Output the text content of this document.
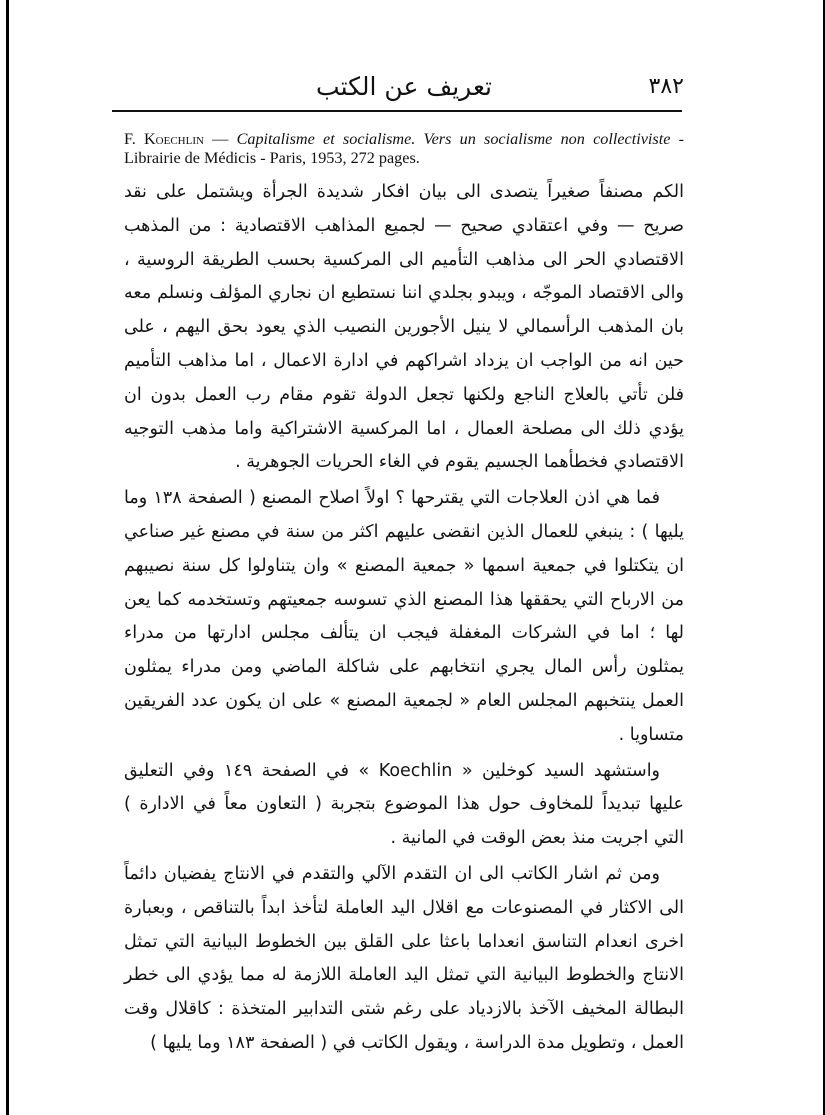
٣٨٢
تعريف عن الكتب
F. Koechlin — Capitalisme et socialisme. Vers un socialisme non collectiviste - Librairie de Médicis - Paris, 1953, 272 pages.

الكم مصنفاً صغيراً يتصدى الى بيان افكار شديدة الجرأة ويشتمل على نقد صريح — وفي اعتقادي صحيح — لجميع المذاهب الاقتصادية : من المذهب الاقتصادي الحر الى مذاهب التأميم الى المركسية بحسب الطريقة الروسية ، والى الاقتصاد الموجّه ، ويبدو بجلدي اننا نستطيع ان نجاري المؤلف ونسلم معه بان المذهب الرأسمالي لا ينيل الأجورين النصيب الذي يعود بحق اليهم ، على حين انه من الواجب ان يزداد اشراكهم في ادارة الاعمال ، اما مذاهب التأميم فلن تأتي بالعلاج الناجع ولكنها تجعل الدولة تقوم مقام رب العمل بدون ان يؤدي ذلك الى مصلحة العمال ، اما المركسية الاشتراكية واما مذهب التوجيه الاقتصادي فخطأهما الجسيم يقوم في الغاء الحريات الجوهرية .

فما هي اذن العلاجات التي يقترحها ؟ اولاً اصلاح المصنع ( الصفحة ١٣٨ وما يليها ) : ينبغي للعمال الذين انقضى عليهم اكثر من سنة في مصنع غير صناعي ان يتكتلوا في جمعية اسمها « جمعية المصنع » وان يتناولوا كل سنة نصيبهم من الارباح التي يحققها هذا المصنع الذي تسوسه جمعيتهم وتستخدمه كما يعن لها ؛ اما في الشركات المغفلة فيجب ان يتألف مجلس ادارتها من مدراء يمثلون رأس المال يجري انتخابهم على شاكلة الماضي ومن مدراء يمثلون العمل ينتخبهم المجلس العام « لجمعية المصنع » على ان يكون عدد الفريقين متساويا .

واستشهد السيد كوخلين « Koechlin » في الصفحة ١٤٩ وفي التعليق عليها تبديداً للمخاوف حول هذا الموضوع بتجربة ( التعاون معاً في الادارة ) التي اجريت منذ بعض الوقت في المانية .

ومن ثم اشار الكاتب الى ان التقدم الآلي والتقدم في الانتاج يفضيان دائماً الى الاكثار في المصنوعات مع اقلال اليد العاملة لتأخذ ابداً بالتناقص ، وبعبارة اخرى انعدام التناسق انعداما باعثا على القلق بين الخطوط البيانية التي تمثل الانتاج والخطوط البيانية التي تمثل اليد العاملة اللازمة له مما يؤدي الى خطر البطالة المخيف الآخذ بالازدياد على رغم شتى التدابير المتخذة : كاقلال وقت العمل ، وتطويل مدة الدراسة ، ويقول الكاتب في ( الصفحة ١٨٣ وما يليها )
